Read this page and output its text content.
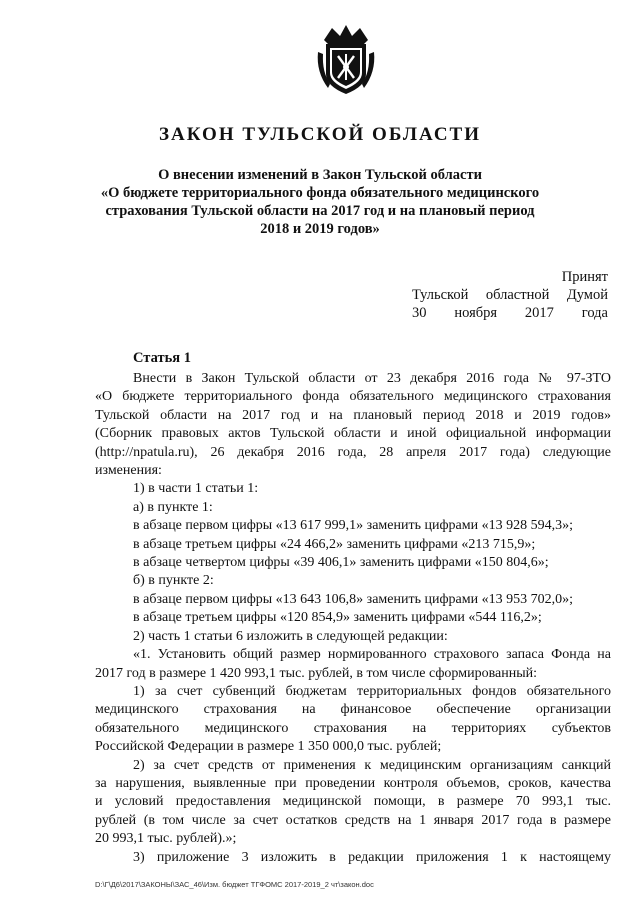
ЗАКОН ТУЛЬСКОЙ ОБЛАСТИ
О внесении изменений в Закон Тульской области
«О бюджете территориального фонда обязательного медицинского
страхования Тульской области на 2017 год и на плановый период
2018 и 2019 годов»
Принят
Тульской областной Думой
30 ноября 2017 года
Статья 1

Внести в Закон Тульской области от 23 декабря 2016 года № 97-ЗТО

«О бюджете территориального фонда обязательного медицинского страхования

Тульской области на 2017 год и на плановый период 2018 и 2019 годов»

(Сборник правовых актов Тульской области и иной официальной информации

(http://npatula.ru), 26 декабря 2016 года, 28 апреля 2017 года) следующие

изменения:

1) в части 1 статьи 1:

а) в пункте 1:

в абзаце первом цифры «13 617 999,1» заменить цифрами «13 928 594,3»;

в абзаце третьем цифры «24 466,2» заменить цифрами «213 715,9»;

в абзаце четвертом цифры «39 406,1» заменить цифрами «150 804,6»;

б) в пункте 2:

в абзаце первом цифры «13 643 106,8» заменить цифрами «13 953 702,0»;

в абзаце третьем цифры «120 854,9» заменить цифрами «544 116,2»;

2) часть 1 статьи 6 изложить в следующей редакции:

«1. Установить общий размер нормированного страхового запаса Фонда на

2017 год в размере 1 420 993,1 тыс. рублей, в том числе сформированный:

1) за счет субвенций бюджетам территориальных фондов обязательного

медицинского страхования на финансовое обеспечение организации

обязательного медицинского страхования на территориях субъектов

Российской Федерации в размере 1 350 000,0 тыс. рублей;

2) за счет средств от применения к медицинским организациям санкций

за нарушения, выявленные при проведении контроля объемов, сроков, качества

и условий предоставления медицинской помощи, в размере 70 993,1 тыс.

рублей (в том числе за счет остатков средств на 1 января 2017 года в размере

20 993,1 тыс. рублей).»;

3) приложение 3 изложить в редакции приложения 1 к настоящему

D:\Г\Д6\2017\ЗАКОНЫ\ЗАС_46\Изм. бюджет ТГФОМС 2017-2019_2 чт\закон.doc
